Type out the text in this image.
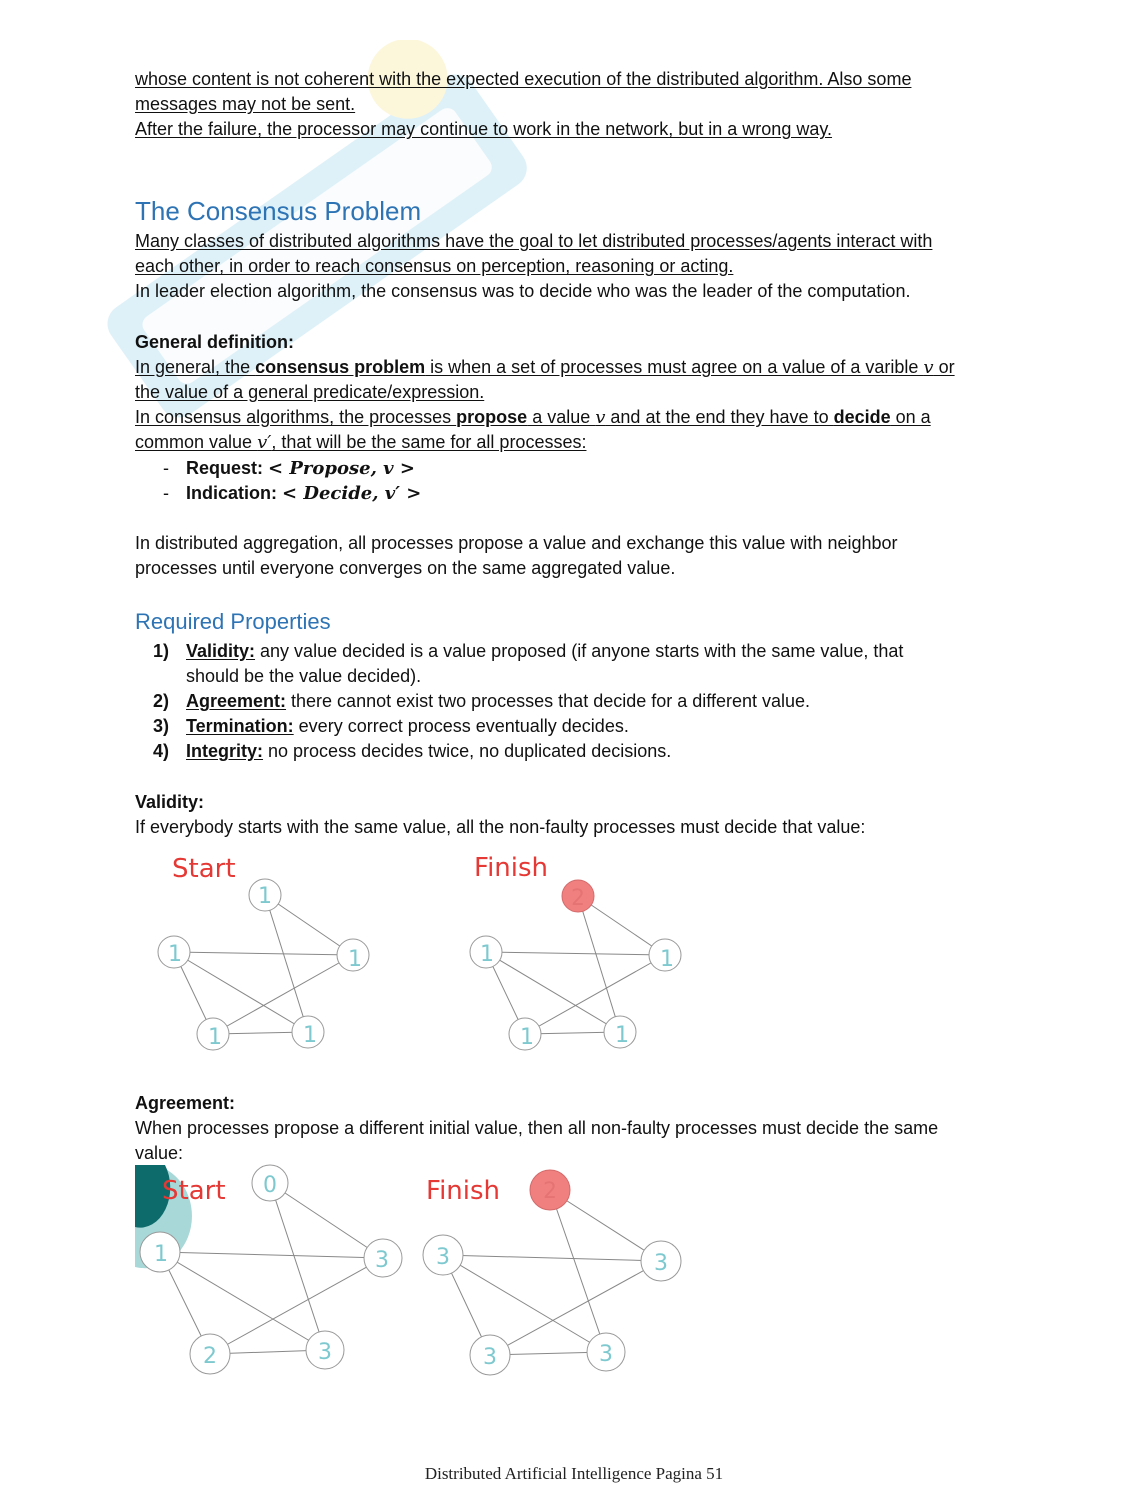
whose content is not coherent with the expected execution of the distributed algorithm. Also some
messages may not be sent.
After the failure, the processor may continue to work in the network, but in a wrong way.
The Consensus Problem
Many classes of distributed algorithms have the goal to let distributed processes/agents interact with
each other, in order to reach consensus on perception, reasoning or acting.
In leader election algorithm, the consensus was to decide who was the leader of the computation.
General definition:
In general, the consensus problem is when a set of processes must agree on a value of a varible v or
the value of a general predicate/expression.
In consensus algorithms, the processes propose a value v and at the end they have to decide on a
common value v′, that will be the same for all processes:
- Request: < Propose, v >
- Indication: < Decide, v′ >
In distributed aggregation, all processes propose a value and exchange this value with neighbor
processes until everyone converges on the same aggregated value.
Required Properties
1) Validity: any value decided is a value proposed (if anyone starts with the same value, that
should be the value decided).
2) Agreement: there cannot exist two processes that decide for a different value.
3) Termination: every correct process eventually decides.
4) Integrity: no process decides twice, no duplicated decisions.
Validity:
If everybody starts with the same value, all the non-faulty processes must decide that value:
Start
1
1	1
1	1
Finish
2
1	1
1	1
Agreement:
When processes propose a different initial value, then all non-faulty processes must decide the same
value:
Start 0
1	3
2	3
Finish 2
3	3
3	3
Distributed Artificial Intelligence Pagina 51
